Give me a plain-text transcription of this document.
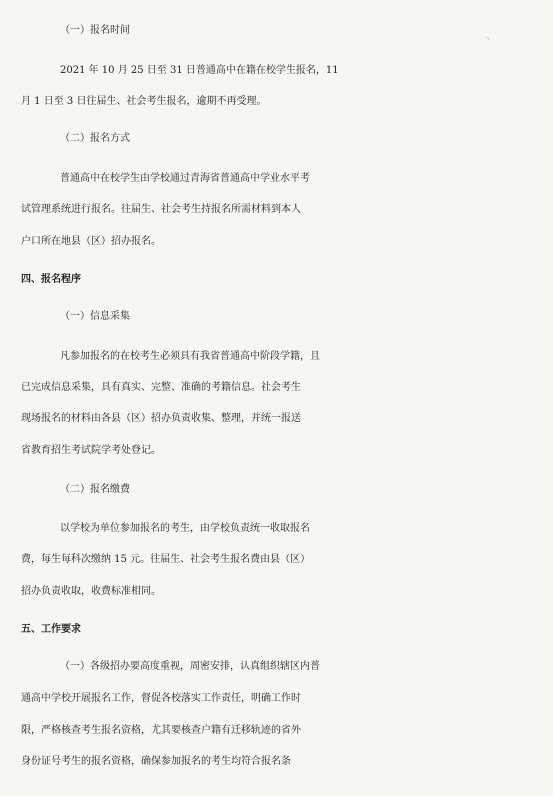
、
（一）报名时间
2021 年 10 月 25 日至 31 日普通高中在籍在校学生报名，11
月 1 日至 3 日往届生、社会考生报名，逾期不再受理。
（二）报名方式
普通高中在校学生由学校通过青海省普通高中学业水平考
试管理系统进行报名。往届生、社会考生持报名所需材料到本人
户口所在地县（区）招办报名。
四、报名程序
（一）信息采集
凡参加报名的在校考生必须具有我省普通高中阶段学籍，且
已完成信息采集，具有真实、完整、准确的考籍信息。社会考生
现场报名的材料由各县（区）招办负责收集、整理，并统一报送
省教育招生考试院学考处登记。
（二）报名缴费
以学校为单位参加报名的考生，由学校负责统一收取报名
费，每生每科次缴纳 15 元。往届生、社会考生报名费由县（区）
招办负责收取，收费标准相同。
五、工作要求
（一）各级招办要高度重视，周密安排，认真组织辖区内普
通高中学校开展报名工作，督促各校落实工作责任，明确工作时
限，严格核查考生报名资格，尤其要核查户籍有迁移轨迹的省外
身份证号考生的报名资格，确保参加报名的考生均符合报名条
